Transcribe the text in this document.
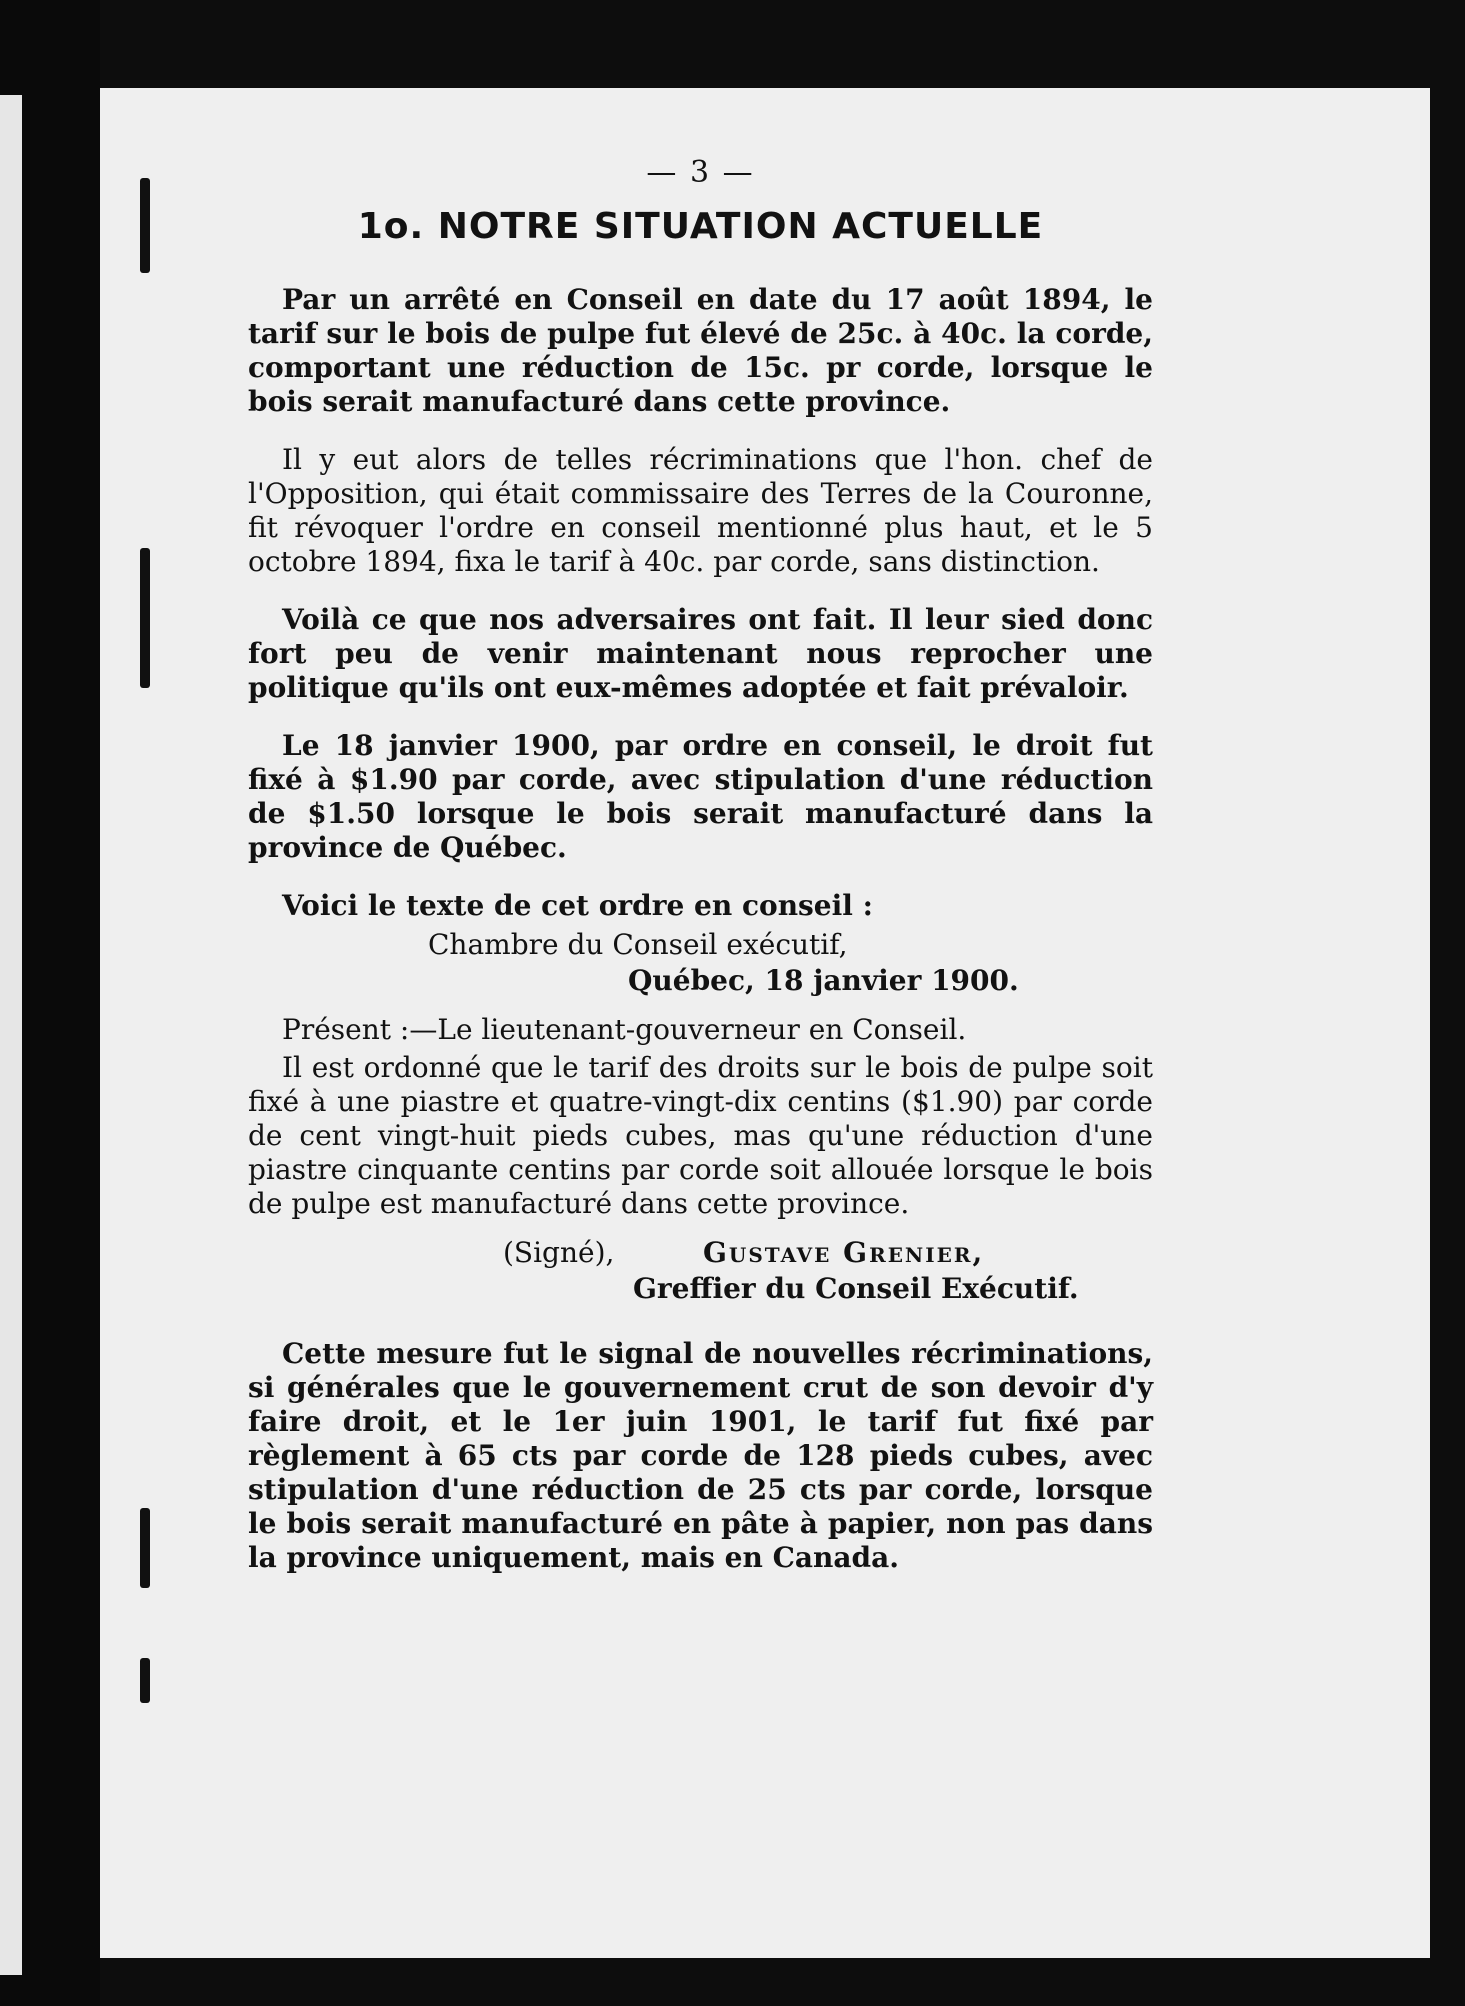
— 3 —

1o. NOTRE SITUATION ACTUELLE

Par un arrêté en Conseil en date du 17 août 1894, le tarif sur le bois de pulpe fut élevé de 25c. à 40c. la corde, comportant une réduction de 15c. pr corde, lorsque le bois serait manufacturé dans cette province.

Il y eut alors de telles récriminations que l'hon. chef de l'Opposition, qui était commissaire des Terres de la Couronne, fit révoquer l'ordre en conseil mentionné plus haut, et le 5 octobre 1894, fixa le tarif à 40c. par corde, sans distinction.

Voilà ce que nos adversaires ont fait. Il leur sied donc fort peu de venir maintenant nous reprocher une politique qu'ils ont eux-mêmes adoptée et fait prévaloir.

Le 18 janvier 1900, par ordre en conseil, le droit fut fixé à $1.90 par corde, avec stipulation d'une réduction de $1.50 lorsque le bois serait manufacturé dans la province de Québec.

Voici le texte de cet ordre en conseil :

Chambre du Conseil exécutif,

Québec, 18 janvier 1900.

Présent :—Le lieutenant-gouverneur en Conseil.

Il est ordonné que le tarif des droits sur le bois de pulpe soit fixé à une piastre et quatre-vingt-dix centins ($1.90) par corde de cent vingt-huit pieds cubes, mas qu'une réduction d'une piastre cinquante centins par corde soit allouée lorsque le bois de pulpe est manufacturé dans cette province.

(Signé),	Gustave Grenier,

Greffier du Conseil Exécutif.

Cette mesure fut le signal de nouvelles récriminations, si générales que le gouvernement crut de son devoir d'y faire droit, et le 1er juin 1901, le tarif fut fixé par règlement à 65 cts par corde de 128 pieds cubes, avec stipulation d'une réduction de 25 cts par corde, lorsque le bois serait manufacturé en pâte à papier, non pas dans la province uniquement, mais en Canada.
